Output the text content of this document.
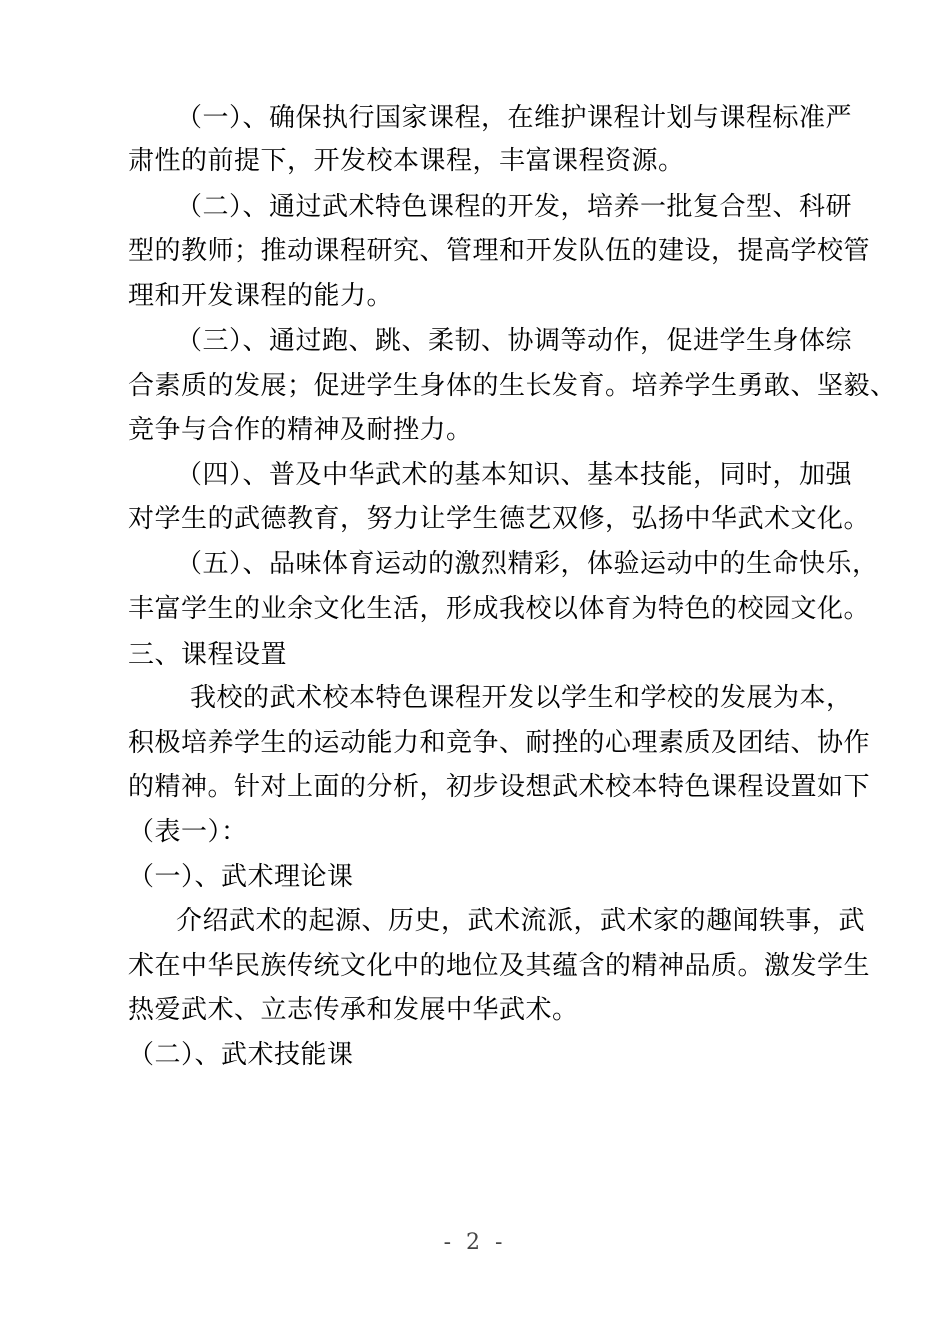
（一）、确保执行国家课程，在维护课程计划与课程标准严
肃性的前提下，开发校本课程，丰富课程资源。
（二）、通过武术特色课程的开发，培养一批复合型、科研
型的教师；推动课程研究、管理和开发队伍的建设，提高学校管
理和开发课程的能力。
（三）、通过跑、跳、柔韧、协调等动作，促进学生身体综
合素质的发展；促进学生身体的生长发育。培养学生勇敢、坚毅、
竞争与合作的精神及耐挫力。
（四）、普及中华武术的基本知识、基本技能，同时，加强
对学生的武德教育，努力让学生德艺双修，弘扬中华武术文化。
（五）、品味体育运动的激烈精彩，体验运动中的生命快乐，
丰富学生的业余文化生活，形成我校以体育为特色的校园文化。
三、课程设置
我校的武术校本特色课程开发以学生和学校的发展为本，
积极培养学生的运动能力和竞争、耐挫的心理素质及团结、协作
的精神。针对上面的分析，初步设想武术校本特色课程设置如下
（表一）：
（一）、武术理论课
介绍武术的起源、历史，武术流派，武术家的趣闻轶事，武
术在中华民族传统文化中的地位及其蕴含的精神品质。激发学生
热爱武术、立志传承和发展中华武术。
（二）、武术技能课
- 2 -
